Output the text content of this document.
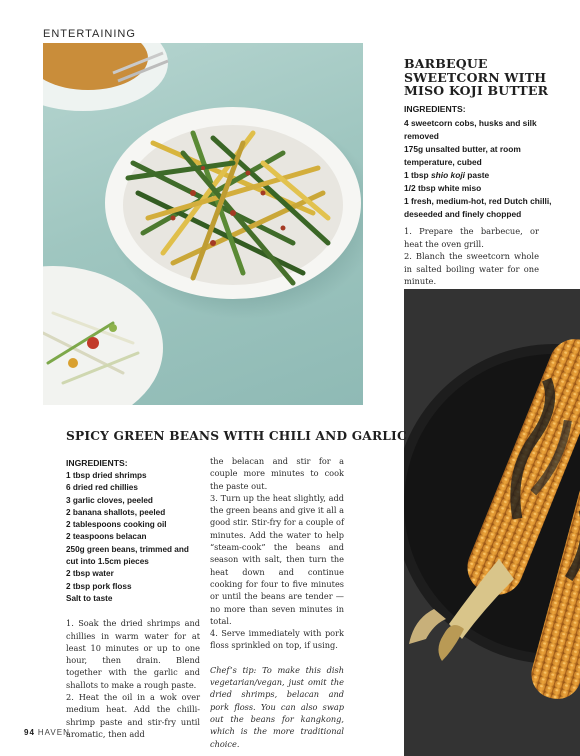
ENTERTAINING
BARBEQUE SWEETCORN WITH MISO KOJI BUTTER
INGREDIENTS:
4 sweetcorn cobs, husks and silk removed
175g unsalted butter, at room temperature, cubed
1 tbsp shio koji paste
1/2 tbsp white miso
1 fresh, medium-hot, red Dutch chilli, deseeded and finely chopped
1. Prepare the barbecue, or heat the oven grill.
2. Blanch the sweetcorn whole in salted boiling water for one minute.
SPICY GREEN BEANS WITH CHILI AND GARLIC
INGREDIENTS:
1 tbsp dried shrimps
6 dried red chillies
3 garlic cloves, peeled
2 banana shallots, peeled
2 tablespoons cooking oil
2 teaspoons belacan
250g green beans, trimmed and cut into 1.5cm pieces
2 tbsp water
2 tbsp pork floss
Salt to taste
1. Soak the dried shrimps and chillies in warm water for at least 10 minutes or up to one hour, then drain. Blend together with the garlic and shallots to make a rough paste.
2. Heat the oil in a wok over medium heat. Add the chilli-shrimp paste and stir-fry until aromatic, then add
the belacan and stir for a couple more minutes to cook the paste out.
3. Turn up the heat slightly, add the green beans and give it all a good stir. Stir-fry for a couple of minutes. Add the water to help “steam-cook” the beans and season with salt, then turn the heat down and continue cooking for four to five minutes or until the beans are tender — no more than seven minutes in total.
4. Serve immediately with pork floss sprinkled on top, if using.

Chef’s tip: To make this dish vegetarian/vegan, just omit the dried shrimps, belacan and pork floss. You can also swap out the beans for kangkong, which is the more traditional choice.

94 HAVEN
